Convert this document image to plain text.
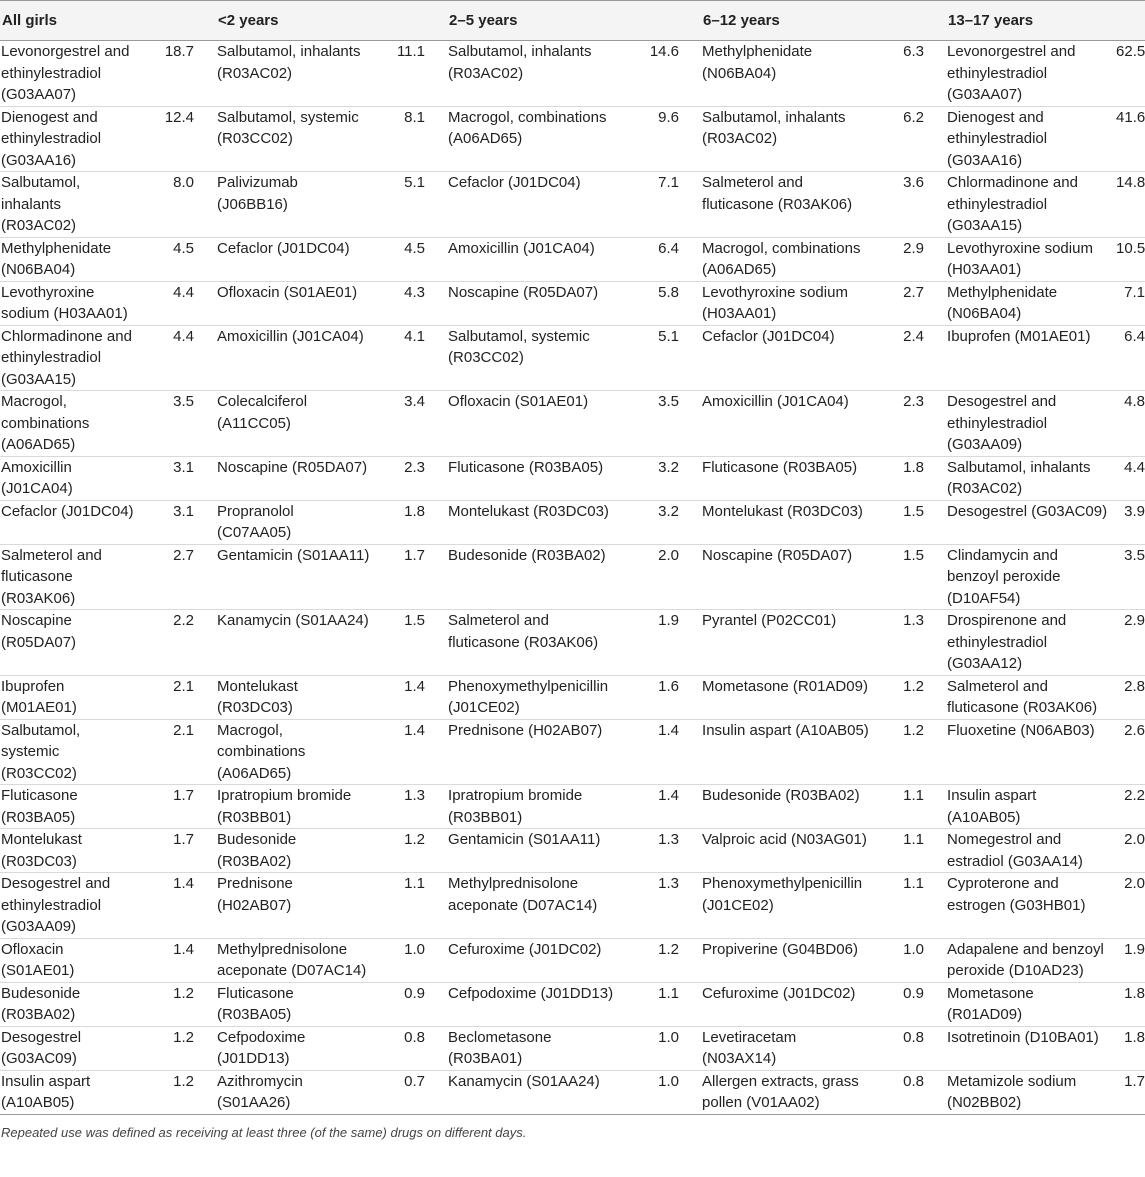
All girls		<2 years		2–5 years		6–12 years		13–17 years	
Levonorgestrel and ethinylestradiol (G03AA07)	18.7	Salbutamol, inhalants (R03AC02)	11.1	Salbutamol, inhalants (R03AC02)	14.6	Methylphenidate (N06BA04)	6.3	Levonorgestrel and ethinylestradiol (G03AA07)	62.5
Dienogest and ethinylestradiol (G03AA16)	12.4	Salbutamol, systemic (R03CC02)	8.1	Macrogol, combinations (A06AD65)	9.6	Salbutamol, inhalants (R03AC02)	6.2	Dienogest and ethinylestradiol (G03AA16)	41.6
Salbutamol, inhalants (R03AC02)	8.0	Palivizumab (J06BB16)	5.1	Cefaclor (J01DC04)	7.1	Salmeterol and fluticasone (R03AK06)	3.6	Chlormadinone and ethinylestradiol (G03AA15)	14.8
Methylphenidate (N06BA04)	4.5	Cefaclor (J01DC04)	4.5	Amoxicillin (J01CA04)	6.4	Macrogol, combinations (A06AD65)	2.9	Levothyroxine sodium (H03AA01)	10.5
Levothyroxine sodium (H03AA01)	4.4	Ofloxacin (S01AE01)	4.3	Noscapine (R05DA07)	5.8	Levothyroxine sodium (H03AA01)	2.7	Methylphenidate (N06BA04)	7.1
Chlormadinone and ethinylestradiol (G03AA15)	4.4	Amoxicillin (J01CA04)	4.1	Salbutamol, systemic (R03CC02)	5.1	Cefaclor (J01DC04)	2.4	Ibuprofen (M01AE01)	6.4
Macrogol, combinations (A06AD65)	3.5	Colecalciferol (A11CC05)	3.4	Ofloxacin (S01AE01)	3.5	Amoxicillin (J01CA04)	2.3	Desogestrel and ethinylestradiol (G03AA09)	4.8
Amoxicillin (J01CA04)	3.1	Noscapine (R05DA07)	2.3	Fluticasone (R03BA05)	3.2	Fluticasone (R03BA05)	1.8	Salbutamol, inhalants (R03AC02)	4.4
Cefaclor (J01DC04)	3.1	Propranolol (C07AA05)	1.8	Montelukast (R03DC03)	3.2	Montelukast (R03DC03)	1.5	Desogestrel (G03AC09)	3.9
Salmeterol and fluticasone (R03AK06)	2.7	Gentamicin (S01AA11)	1.7	Budesonide (R03BA02)	2.0	Noscapine (R05DA07)	1.5	Clindamycin and benzoyl peroxide (D10AF54)	3.5
Noscapine (R05DA07)	2.2	Kanamycin (S01AA24)	1.5	Salmeterol and fluticasone (R03AK06)	1.9	Pyrantel (P02CC01)	1.3	Drospirenone and ethinylestradiol (G03AA12)	2.9
Ibuprofen (M01AE01)	2.1	Montelukast (R03DC03)	1.4	Phenoxymethylpenicillin (J01CE02)	1.6	Mometasone (R01AD09)	1.2	Salmeterol and fluticasone (R03AK06)	2.8
Salbutamol, systemic (R03CC02)	2.1	Macrogol, combinations (A06AD65)	1.4	Prednisone (H02AB07)	1.4	Insulin aspart (A10AB05)	1.2	Fluoxetine (N06AB03)	2.6
Fluticasone (R03BA05)	1.7	Ipratropium bromide (R03BB01)	1.3	Ipratropium bromide (R03BB01)	1.4	Budesonide (R03BA02)	1.1	Insulin aspart (A10AB05)	2.2
Montelukast (R03DC03)	1.7	Budesonide (R03BA02)	1.2	Gentamicin (S01AA11)	1.3	Valproic acid (N03AG01)	1.1	Nomegestrol and estradiol (G03AA14)	2.0
Desogestrel and ethinylestradiol (G03AA09)	1.4	Prednisone (H02AB07)	1.1	Methylprednisolone aceponate (D07AC14)	1.3	Phenoxymethylpenicillin (J01CE02)	1.1	Cyproterone and estrogen (G03HB01)	2.0
Ofloxacin (S01AE01)	1.4	Methylprednisolone aceponate (D07AC14)	1.0	Cefuroxime (J01DC02)	1.2	Propiverine (G04BD06)	1.0	Adapalene and benzoyl peroxide (D10AD23)	1.9
Budesonide (R03BA02)	1.2	Fluticasone (R03BA05)	0.9	Cefpodoxime (J01DD13)	1.1	Cefuroxime (J01DC02)	0.9	Mometasone (R01AD09)	1.8
Desogestrel (G03AC09)	1.2	Cefpodoxime (J01DD13)	0.8	Beclometasone (R03BA01)	1.0	Levetiracetam (N03AX14)	0.8	Isotretinoin (D10BA01)	1.8
Insulin aspart (A10AB05)	1.2	Azithromycin (S01AA26)	0.7	Kanamycin (S01AA24)	1.0	Allergen extracts, grass pollen (V01AA02)	0.8	Metamizole sodium (N02BB02)	1.7
Repeated use was defined as receiving at least three (of the same) drugs on different days.
